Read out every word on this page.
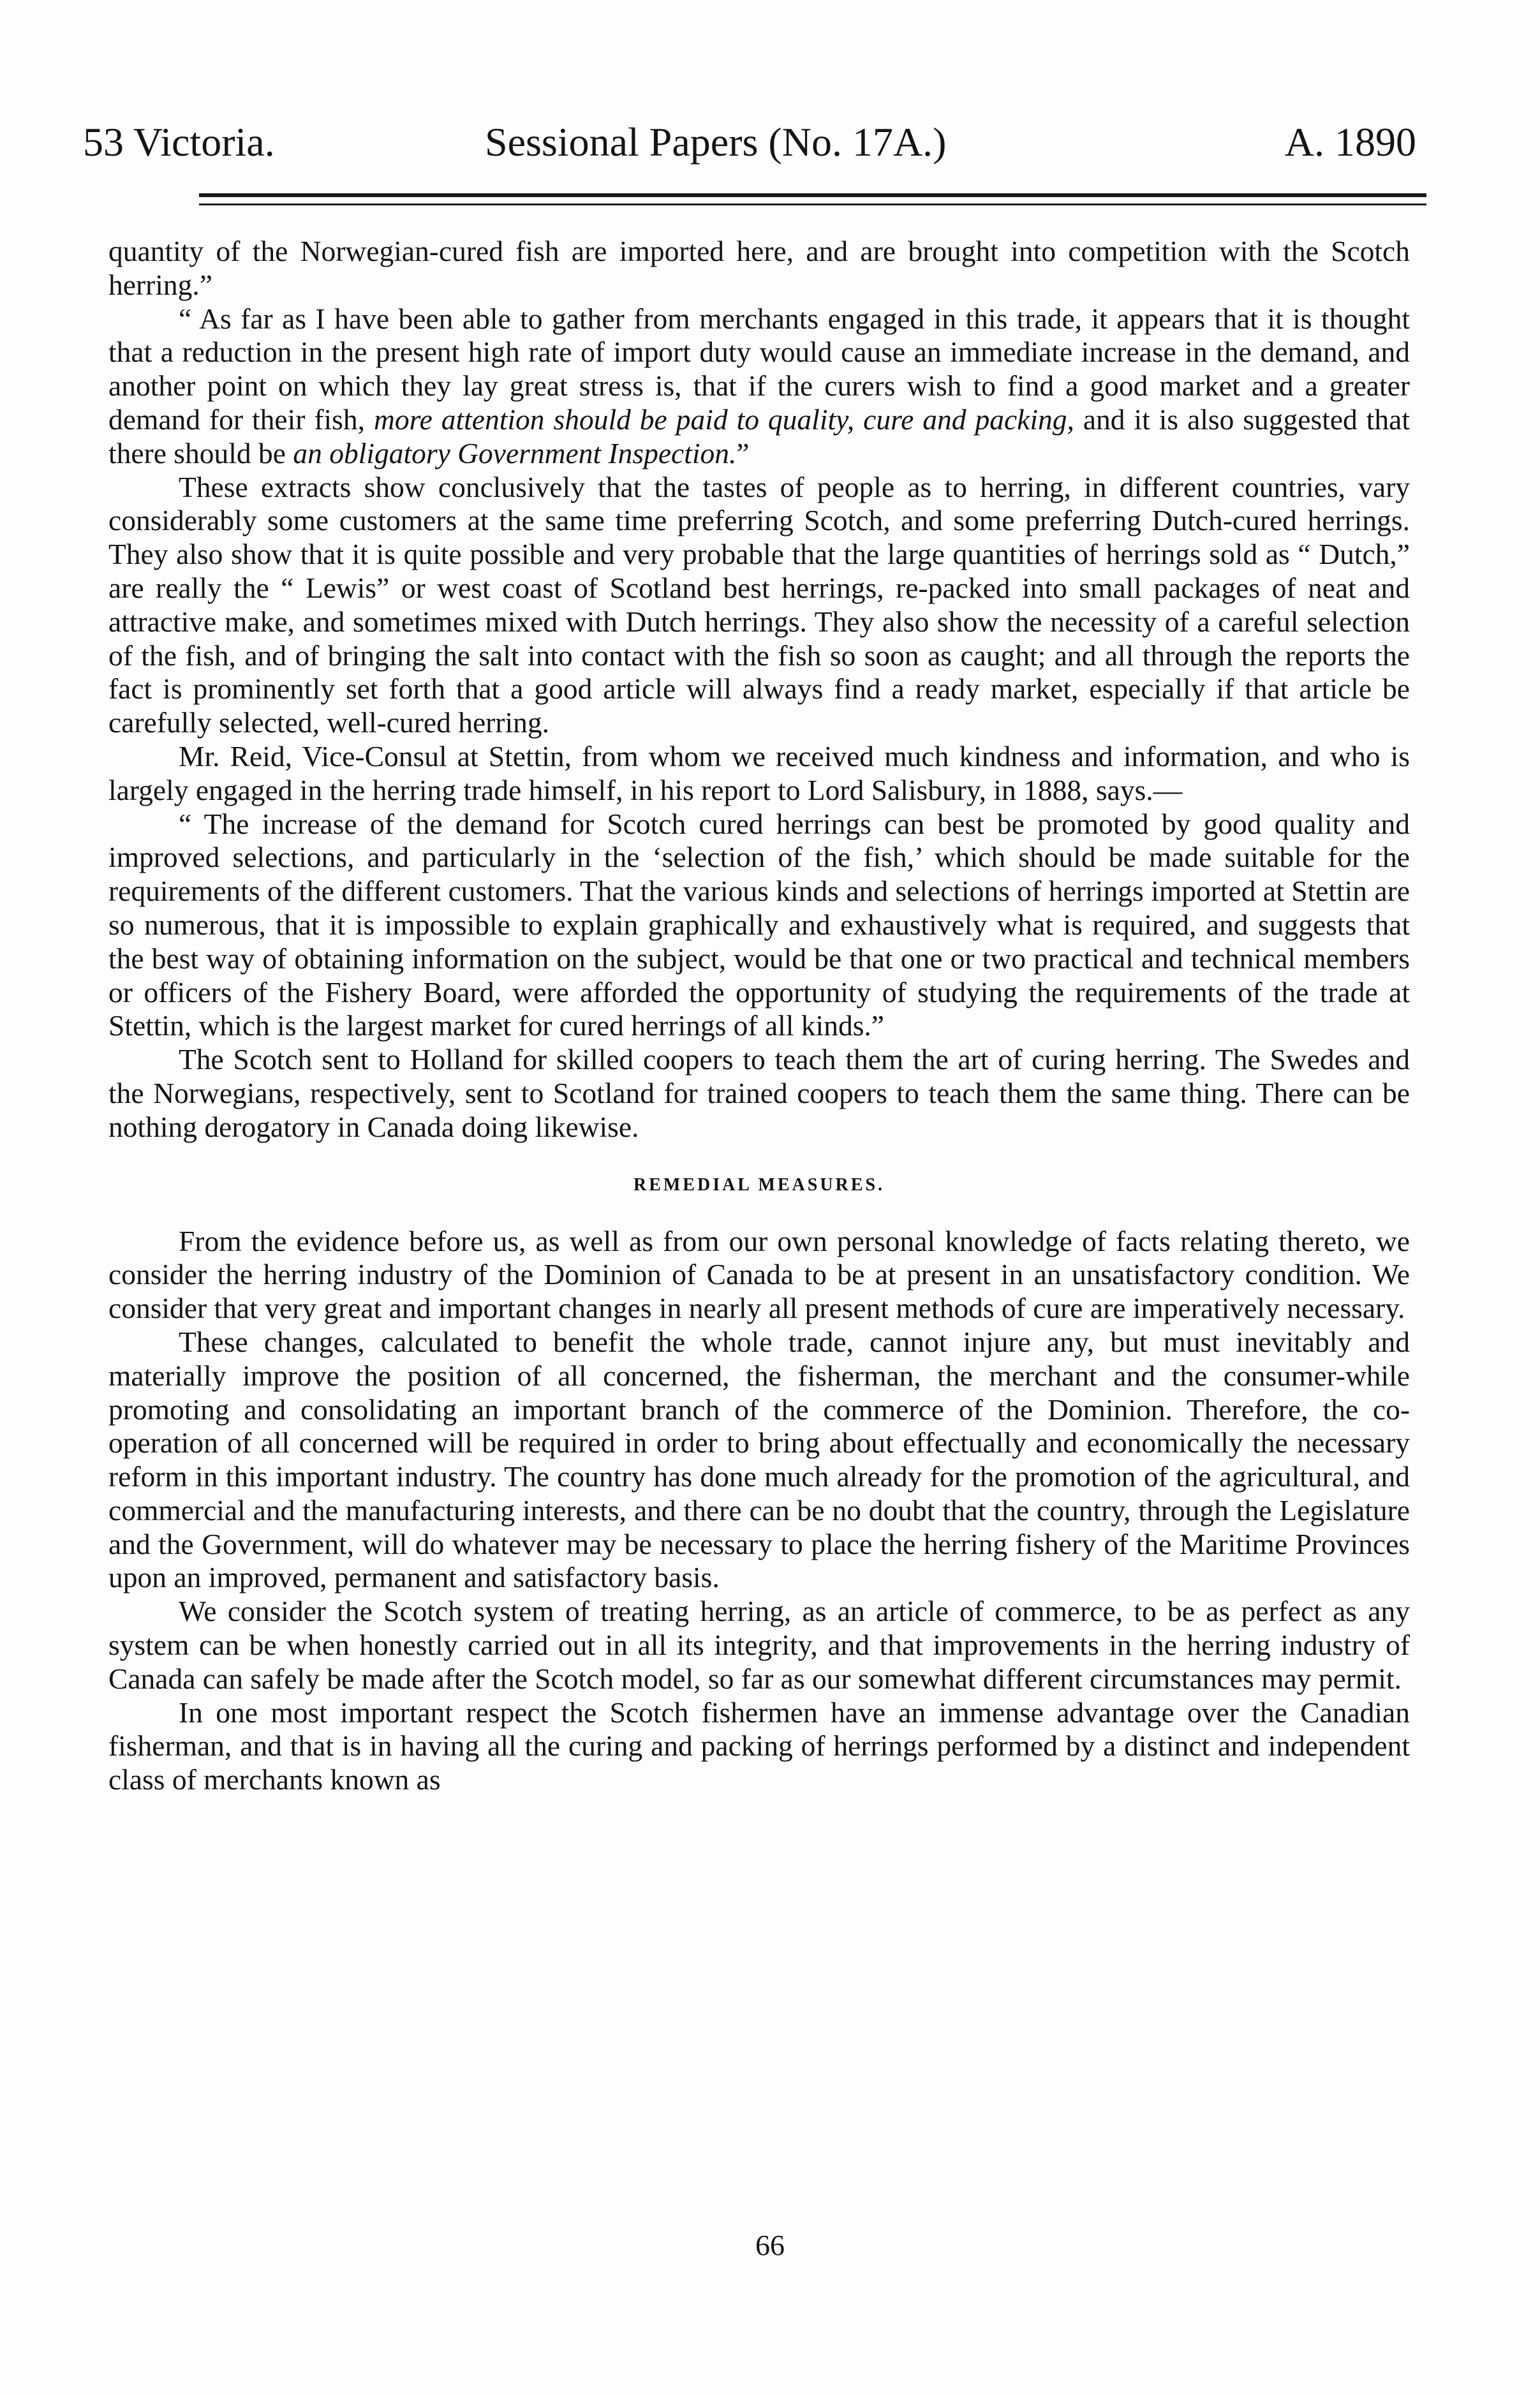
53 Victoria.	Sessional Papers (No. 17A.)	A. 1890

quantity of the Norwegian-cured fish are imported here, and are brought into competition with the Scotch herring.”

“ As far as I have been able to gather from merchants engaged in this trade, it appears that it is thought that a reduction in the present high rate of import duty would cause an immediate increase in the demand, and another point on which they lay great stress is, that if the curers wish to find a good market and a greater demand for their fish, more attention should be paid to quality, cure and packing, and it is also suggested that there should be an obligatory Government Inspection.”

These extracts show conclusively that the tastes of people as to herring, in different countries, vary considerably some customers at the same time preferring Scotch, and some preferring Dutch-cured herrings. They also show that it is quite possible and very probable that the large quantities of herrings sold as “ Dutch,” are really the “ Lewis” or west coast of Scotland best herrings, re-packed into small packages of neat and attractive make, and sometimes mixed with Dutch herrings. They also show the necessity of a careful selection of the fish, and of bringing the salt into contact with the fish so soon as caught; and all through the reports the fact is prominently set forth that a good article will always find a ready market, especially if that article be carefully selected, well-cured herring.

Mr. Reid, Vice-Consul at Stettin, from whom we received much kindness and information, and who is largely engaged in the herring trade himself, in his report to Lord Salisbury, in 1888, says.—

“ The increase of the demand for Scotch cured herrings can best be promoted by good quality and improved selections, and particularly in the ‘selection of the fish,’ which should be made suitable for the requirements of the different customers. That the various kinds and selections of herrings imported at Stettin are so numerous, that it is impossible to explain graphically and exhaustively what is required, and suggests that the best way of obtaining information on the subject, would be that one or two practical and technical members or officers of the Fishery Board, were afforded the opportunity of studying the requirements of the trade at Stettin, which is the largest market for cured herrings of all kinds.”

The Scotch sent to Holland for skilled coopers to teach them the art of curing herring. The Swedes and the Norwegians, respectively, sent to Scotland for trained coopers to teach them the same thing. There can be nothing derogatory in Canada doing likewise.

REMEDIAL MEASURES.

From the evidence before us, as well as from our own personal knowledge of facts relating thereto, we consider the herring industry of the Dominion of Canada to be at present in an unsatisfactory condition. We consider that very great and important changes in nearly all present methods of cure are imperatively necessary.

These changes, calculated to benefit the whole trade, cannot injure any, but must inevitably and materially improve the position of all concerned, the fisherman, the merchant and the consumer-while promoting and consolidating an important branch of the commerce of the Dominion. Therefore, the co-operation of all concerned will be required in order to bring about effectually and economically the necessary reform in this important industry. The country has done much already for the promotion of the agricultural, and commercial and the manufacturing interests, and there can be no doubt that the country, through the Legislature and the Government, will do whatever may be necessary to place the herring fishery of the Maritime Provinces upon an improved, permanent and satisfactory basis.

We consider the Scotch system of treating herring, as an article of commerce, to be as perfect as any system can be when honestly carried out in all its integrity, and that improvements in the herring industry of Canada can safely be made after the Scotch model, so far as our somewhat different circumstances may permit.

In one most important respect the Scotch fishermen have an immense advantage over the Canadian fisherman, and that is in having all the curing and packing of herrings performed by a distinct and independent class of merchants known as

66
